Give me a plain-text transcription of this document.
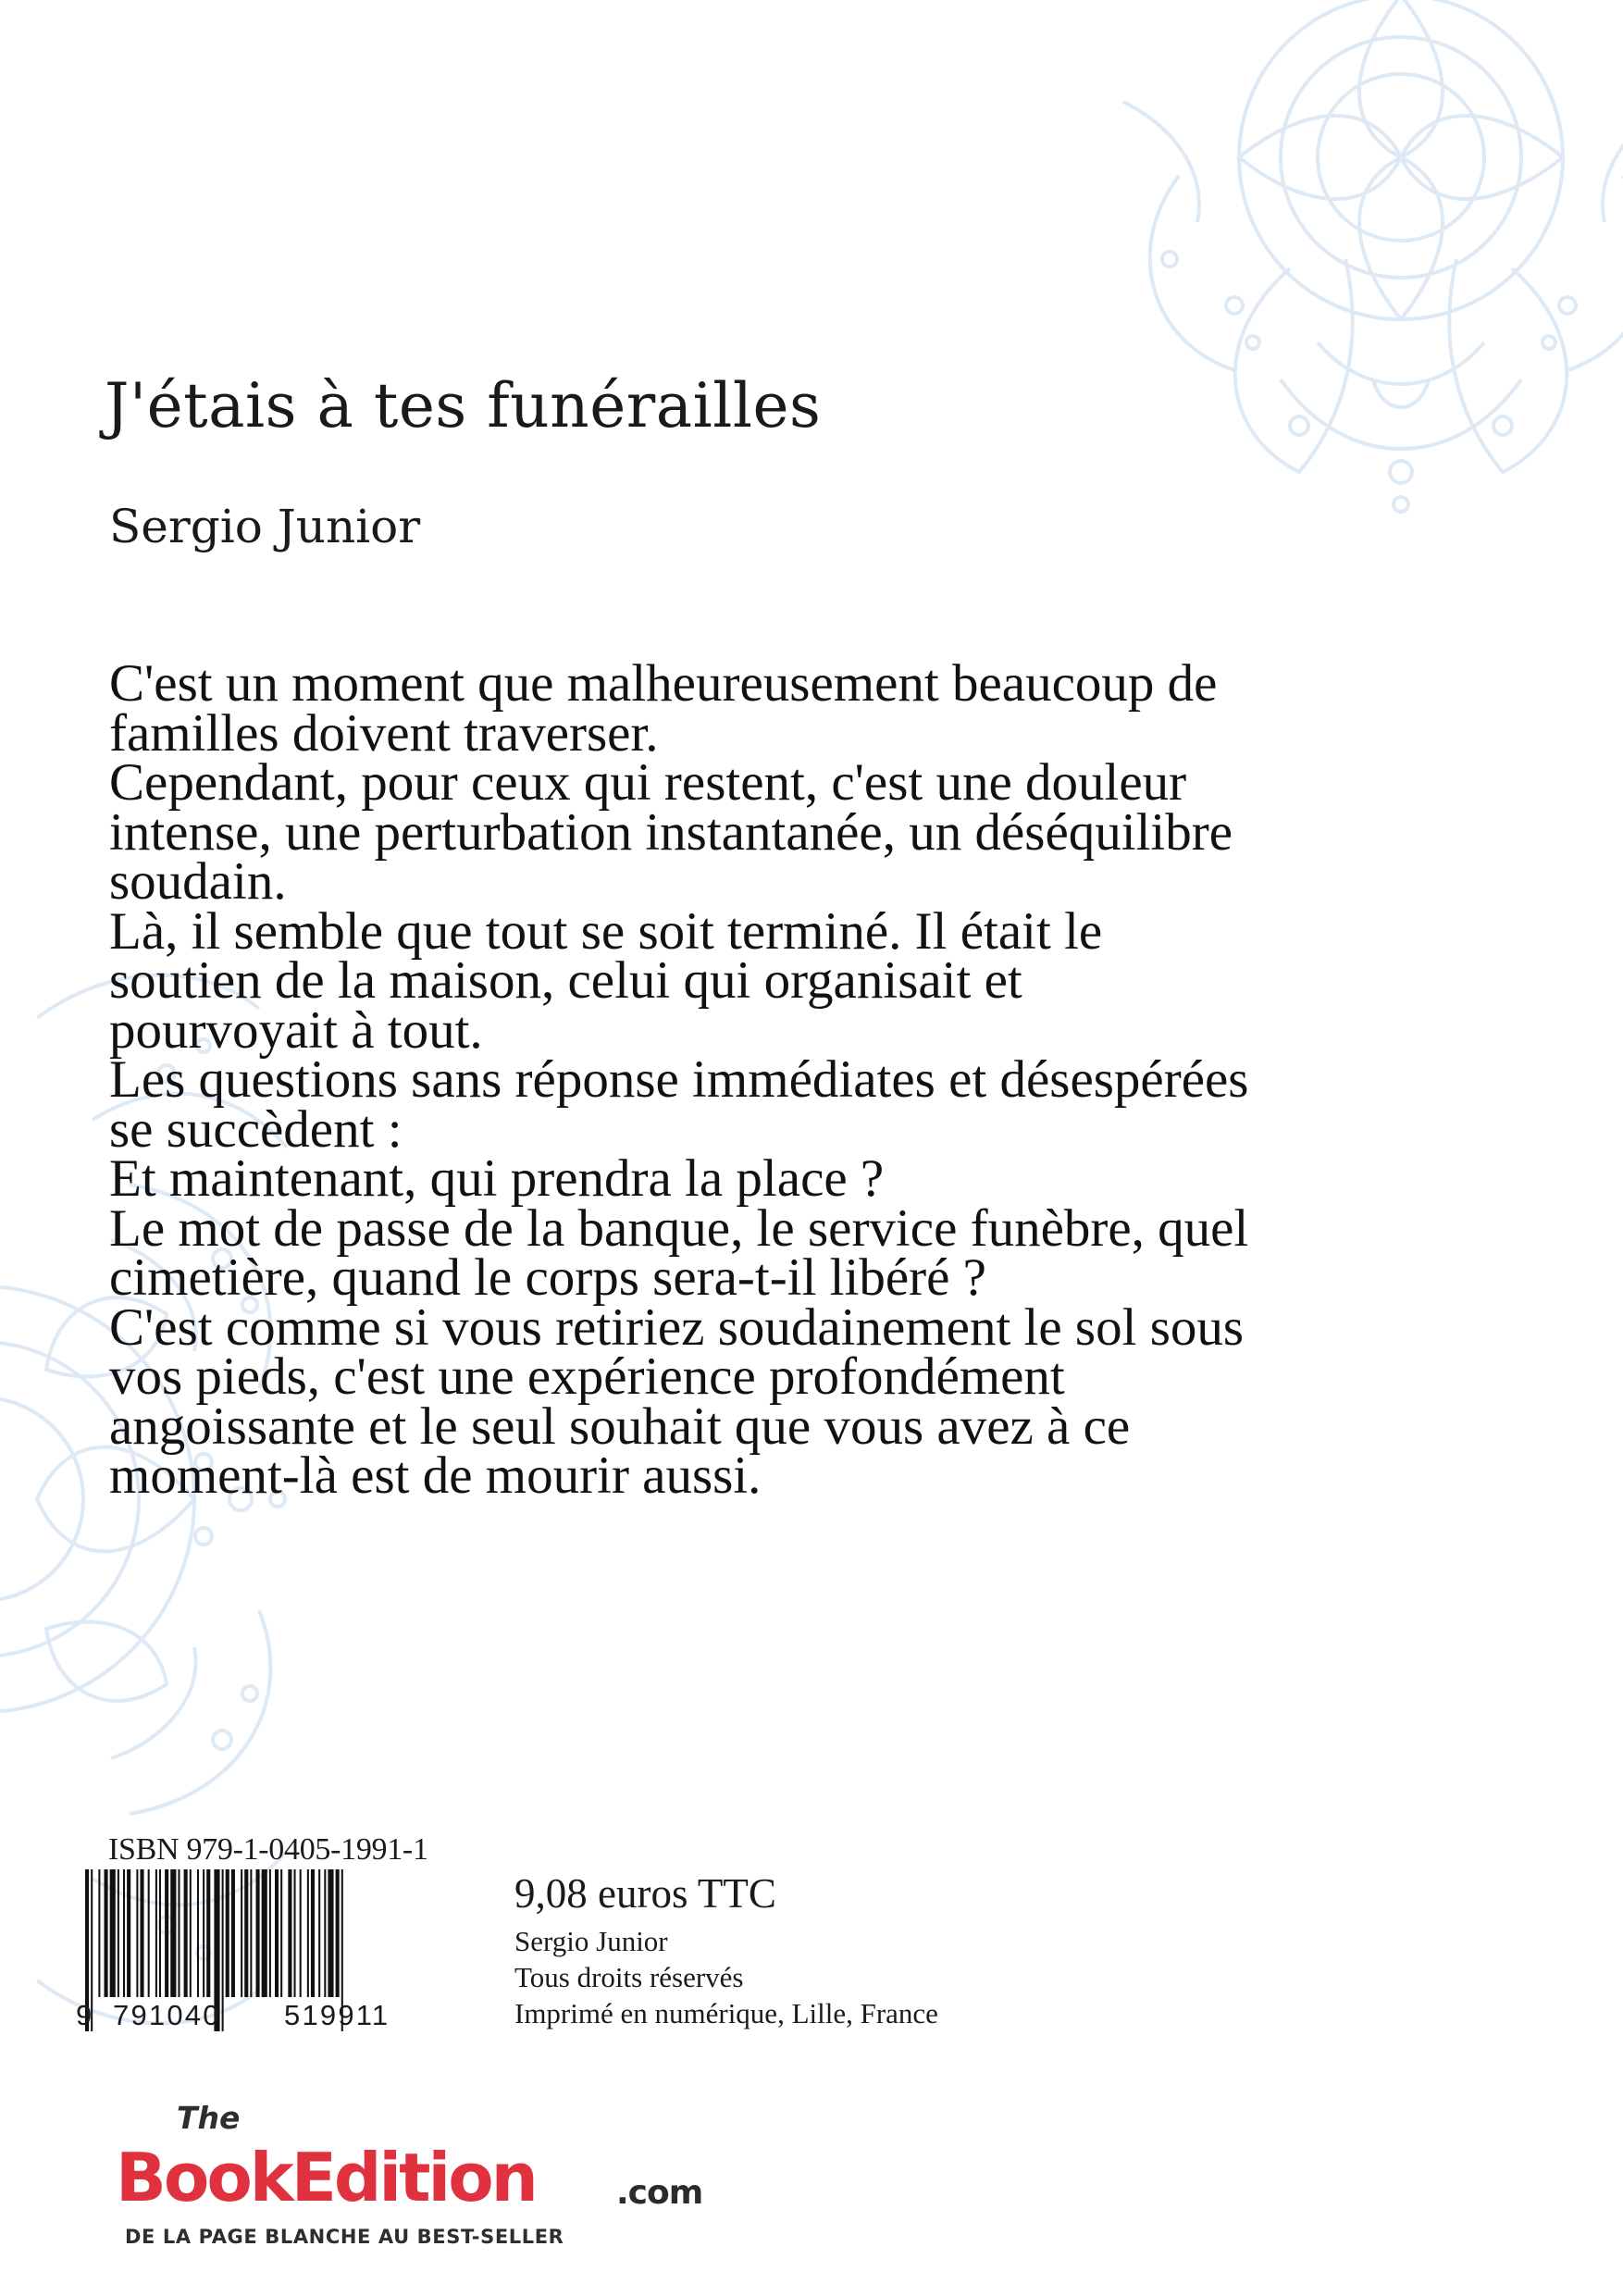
J'étais à tes funérailles
Sergio Junior

C'est un moment que malheureusement beaucoup de familles doivent traverser.

Cependant, pour ceux qui restent, c'est une douleur intense, une perturbation instantanée, un déséquilibre soudain.

Là, il semble que tout se soit terminé. Il était le soutien de la maison, celui qui organisait et pourvoyait à tout.

Les questions sans réponse immédiates et désespérées se succèdent :

Et maintenant, qui prendra la place ?

Le mot de passe de la banque, le service funèbre, quel cimetière, quand le corps sera-t-il libéré ?

C'est comme si vous retiriez soudainement le sol sous vos pieds, c'est une expérience profondément angoissante et le seul souhait que vous avez à ce moment-là est de mourir aussi.

ISBN 979-1-0405-1991-1
9 791040 519911
9,08 euros TTC
Sergio Junior
Tous droits réservés
Imprimé en numérique, Lille, France
The
BookEdition .com
DE LA PAGE BLANCHE AU BEST-SELLER
